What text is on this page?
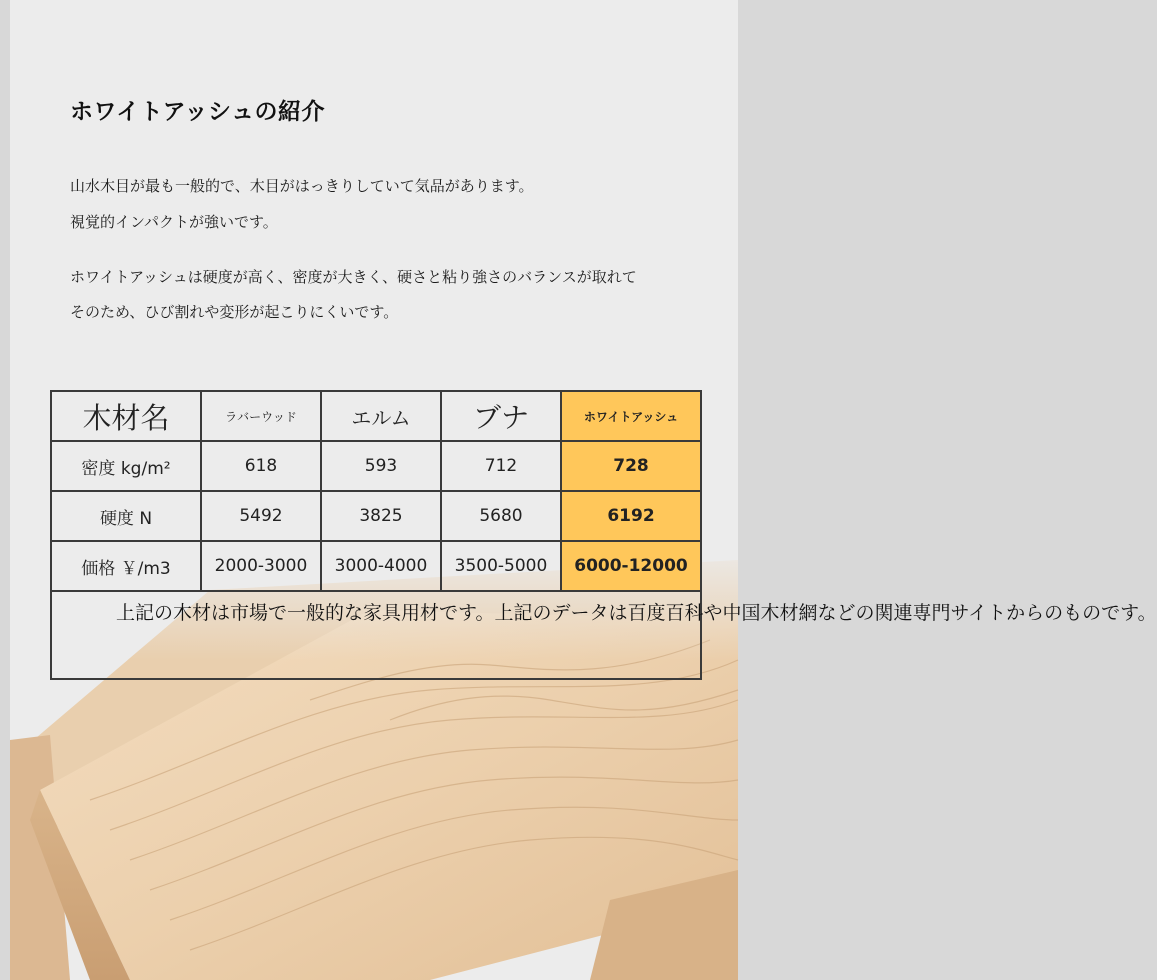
ホワイトアッシュの紹介
山水木目が最も一般的で、木目がはっきりしていて気品があります。
視覚的インパクトが強いです。
ホワイトアッシュは硬度が高く、密度が大きく、硬さと粘り強さのバランスが取れて
そのため、ひび割れや変形が起こりにくいです。
木材名	ラバーウッド	エルム	ブナ	ホワイトアッシュ
密度 kg/m²	618	593	712	728
硬度 N	5492	3825	5680	6192
価格 ￥/m3	2000-3000	3000-4000	3500-5000	6000-12000

上記の木材は市場で一般的な家具用材です。上記のデータは百度百科や中国木材網などの関連専門サイトからのものです。				
